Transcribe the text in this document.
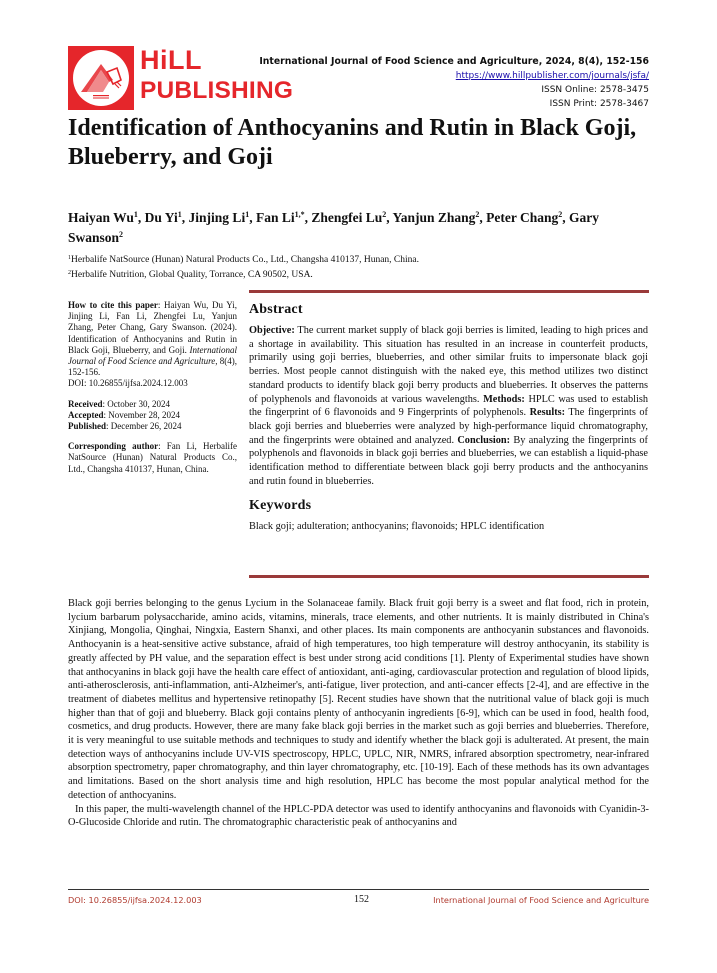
HiLL
PUBLISHING
International Journal of Food Science and Agriculture, 2024, 8(4), 152-156
https://www.hillpublisher.com/journals/jsfa/
ISSN Online: 2578-3475
ISSN Print: 2578-3467
Identification of Anthocyanins and Rutin in Black Goji, Blueberry, and Goji
Haiyan Wu$^1$, Du Yi$^1$, Jinjing Li$^1$, Fan $Li^{1,*}$, Zhengfei Lu$^2$, Yanjun Zhang$^2$, Peter Chang$^2$, Gary Swanson$^2$
$^1$Herbalife NatSource (Hunan) Natural Products Co., Ltd., Changsha 410137, Hunan, China.
$^2$Herbalife Nutrition, Global Quality, Torrance, CA 90502, USA.

How to cite this paper: Haiyan Wu, Du Yi, Jinjing Li, Fan Li, Zhengfei Lu, Yanjun Zhang, Peter Chang, Gary Swanson. (2024). Identification of Anthocyanins and Rutin in Black Goji, Blueberry, and Goji. International Journal of Food Science and Agriculture, 8(4), 152-156.
DOI: 10.26855/ijfsa.2024.12.003

Received: October 30, 2024
Accepted: November 28, 2024
Published: December 26, 2024

Corresponding author: Fan Li, Herbalife NatSource (Hunan) Natural Products Co., Ltd., Changsha 410137, Hunan, China.

Abstract

Objective: The current market supply of black goji berries is limited, leading to high prices and a shortage in availability. This situation has resulted in an increase in counterfeit products, primarily using goji berries, blueberries, and other similar fruits to impersonate black goji berries. Most people cannot distinguish with the naked eye, this method utilizes two distinct standard products to identify black goji berry products and blueberries. It observes the patterns of polyphenols and flavonoids at various wavelengths. Methods: HPLC was used to establish the fingerprint of 6 flavonoids and 9 Fingerprints of polyphenols. Results: The fingerprints of black goji berries and blueberries were analyzed by high-performance liquid chromatography, and the fingerprints were obtained and analyzed. Conclusion: By analyzing the fingerprints of polyphenols and flavonoids in black goji berries and blueberries, we can establish a liquid-phase identification method to differentiate between black goji berry products and the anthocyanins and rutin found in blueberries.

Keywords

Black goji; adulteration; anthocyanins; flavonoids; HPLC identification

Black goji berries belonging to the genus Lycium in the Solanaceae family. Black fruit goji berry is a sweet and flat food, rich in protein, lycium barbarum polysaccharide, amino acids, vitamins, minerals, trace elements, and other nutrients. It is mainly distributed in China's Xinjiang, Mongolia, Qinghai, Ningxia, Eastern Shanxi, and other places. Its main components are anthocyanin substances and flavonoids. Anthocyanin is a heat-sensitive active substance, afraid of high temperatures, too high temperature will destroy anthocyanin, its stability is greatly affected by PH value, and the separation effect is best under strong acid conditions [1]. Plenty of Experimental studies have shown that anthocyanins in black goji have the health care effect of antioxidant, anti-aging, cardiovascular protection and regulation of blood lipids, anti-atherosclerosis, anti-inflammation, anti-Alzheimer's, anti-fatigue, liver protection, and anti-cancer effects [2-4], and are effective in the treatment of diabetes mellitus and hypertensive retinopathy [5]. Recent studies have shown that the nutritional value of black goji is much higher than that of goji and blueberry. Black goji contains plenty of anthocyanin ingredients [6-9], which can be used in food, health food, cosmetics, and drug products. However, there are many fake black goji berries in the market such as goji berries and blueberries. Therefore, it is very meaningful to use suitable methods and techniques to study and identify whether the black goji is adulterated. At present, the main detection ways of anthocyanins include UV-VIS spectroscopy, HPLC, UPLC, NIR, NMRS, infrared absorption spectrometry, near-infrared absorption spectrometry, paper chromatography, and thin layer chromatography, etc. [10-19]. Each of these methods has its own advantages and limitations. Based on the short analysis time and high resolution, HPLC has become the most popular analytical method for the detection of anthocyanins.

In this paper, the multi-wavelength channel of the HPLC-PDA detector was used to identify anthocyanins and flavonoids with Cyanidin-3-O-Glucoside Chloride and rutin. The chromatographic characteristic peak of anthocyanins and

DOI: 10.26855/ijfsa.2024.12.003	152	International Journal of Food Science and Agriculture
